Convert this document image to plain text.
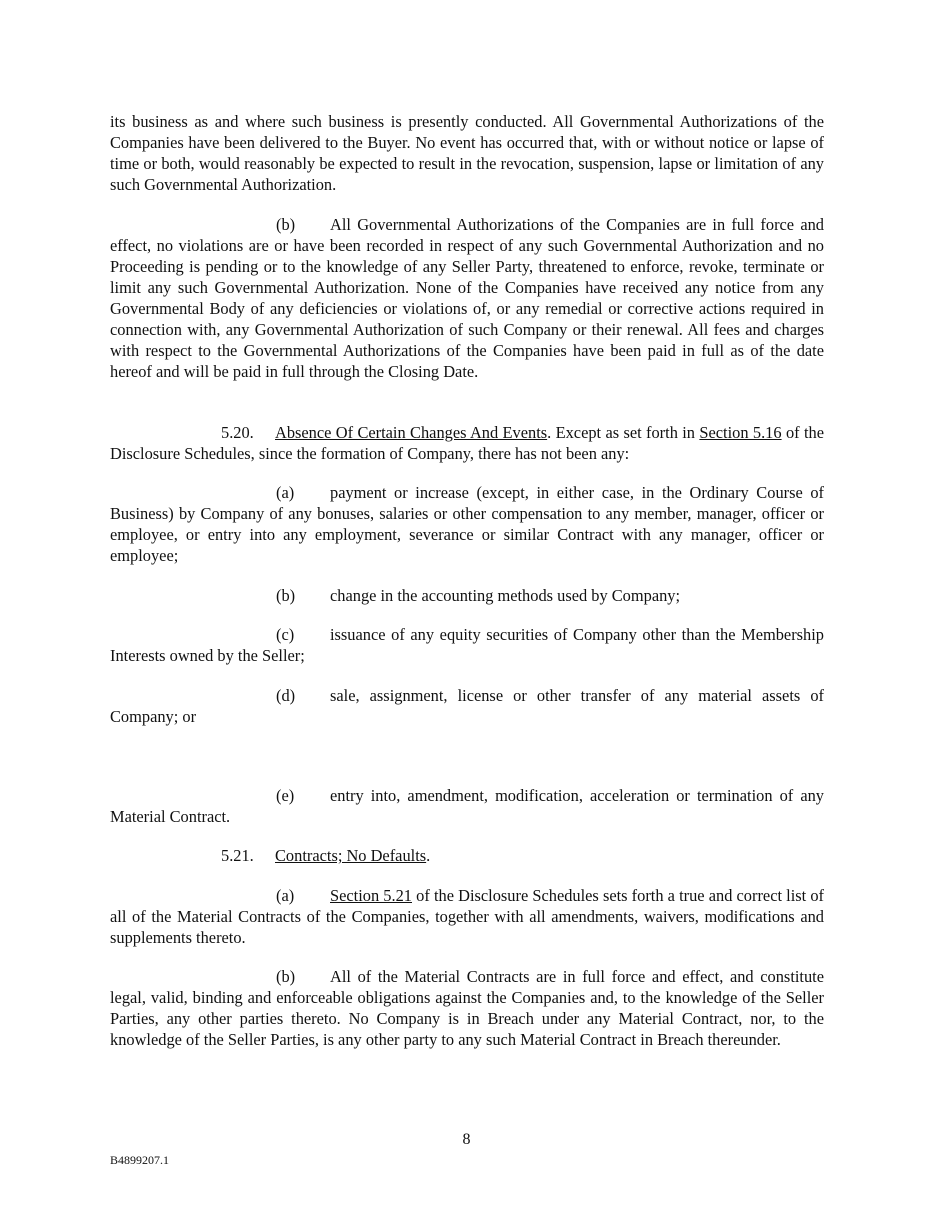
its business as and where such business is presently conducted. All Governmental Authorizations of the Companies have been delivered to the Buyer. No event has occurred that, with or without notice or lapse of time or both, would reasonably be expected to result in the revocation, suspension, lapse or limitation of any such Governmental Authorization.

(b) All Governmental Authorizations of the Companies are in full force and effect, no violations are or have been recorded in respect of any such Governmental Authorization and no Proceeding is pending or to the knowledge of any Seller Party, threatened to enforce, revoke, terminate or limit any such Governmental Authorization. None of the Companies have received any notice from any Governmental Body of any deficiencies or violations of, or any remedial or corrective actions required in connection with, any Governmental Authorization of such Company or their renewal. All fees and charges with respect to the Governmental Authorizations of the Companies have been paid in full as of the date hereof and will be paid in full through the Closing Date.

5.20. Absence Of Certain Changes And Events. Except as set forth in Section 5.16 of the Disclosure Schedules, since the formation of Company, there has not been any:

(a) payment or increase (except, in either case, in the Ordinary Course of Business) by Company of any bonuses, salaries or other compensation to any member, manager, officer or employee, or entry into any employment, severance or similar Contract with any manager, officer or employee;

(b) change in the accounting methods used by Company;

(c) issuance of any equity securities of Company other than the Membership Interests owned by the Seller;

(d) sale, assignment, license or other transfer of any material assets of Company; or

(e) entry into, amendment, modification, acceleration or termination of any Material Contract.

5.21. Contracts; No Defaults.

(a) Section 5.21 of the Disclosure Schedules sets forth a true and correct list of all of the Material Contracts of the Companies, together with all amendments, waivers, modifications and supplements thereto.

(b) All of the Material Contracts are in full force and effect, and constitute legal, valid, binding and enforceable obligations against the Companies and, to the knowledge of the Seller Parties, any other parties thereto. No Company is in Breach under any Material Contract, nor, to the knowledge of the Seller Parties, is any other party to any such Material Contract in Breach thereunder.

8
B4899207.1
